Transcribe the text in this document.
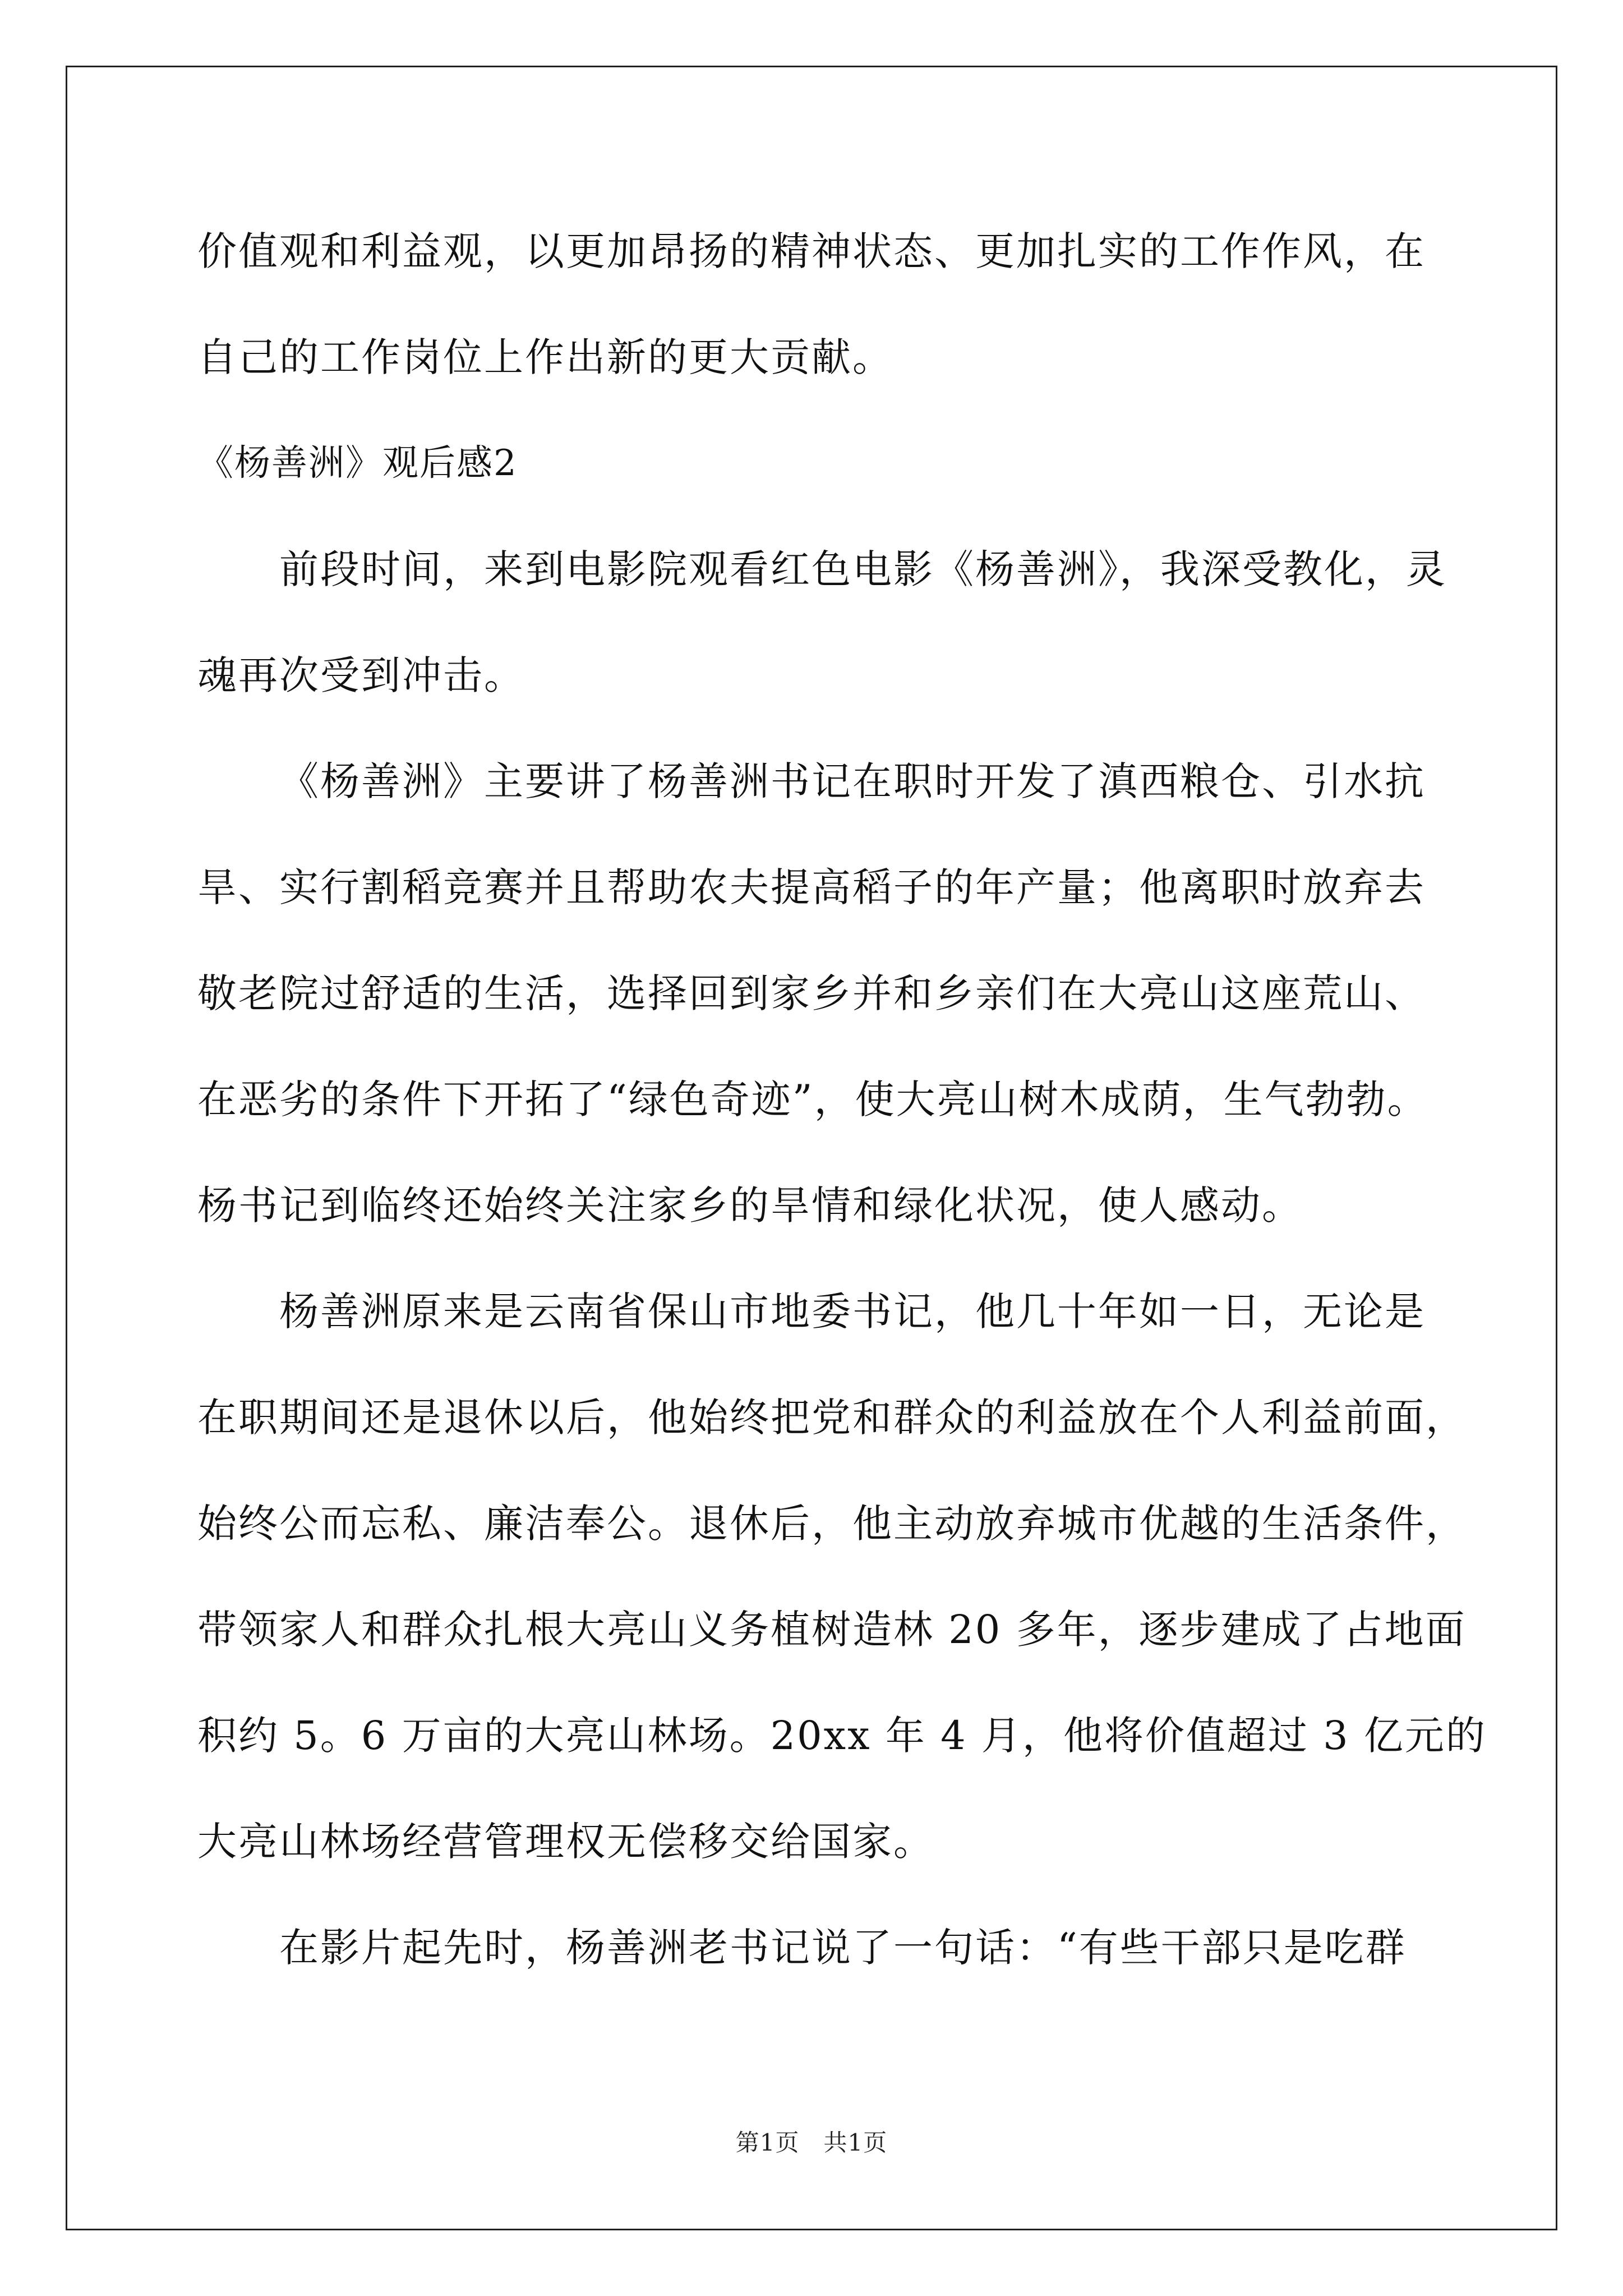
价值观和利益观，以更加昂扬的精神状态、更加扎实的工作作风，在
自己的工作岗位上作出新的更大贡献。
《杨善洲》观后感2
前段时间，来到电影院观看红色电影《杨善洲》，我深受教化，灵
魂再次受到冲击。
《杨善洲》主要讲了杨善洲书记在职时开发了滇西粮仓、引水抗
旱、实行割稻竞赛并且帮助农夫提高稻子的年产量；他离职时放弃去
敬老院过舒适的生活，选择回到家乡并和乡亲们在大亮山这座荒山、
在恶劣的条件下开拓了“绿色奇迹”，使大亮山树木成荫，生气勃勃。
杨书记到临终还始终关注家乡的旱情和绿化状况，使人感动。
杨善洲原来是云南省保山市地委书记，他几十年如一日，无论是
在职期间还是退休以后，他始终把党和群众的利益放在个人利益前面，
始终公而忘私、廉洁奉公。退休后，他主动放弃城市优越的生活条件，
带领家人和群众扎根大亮山义务植树造林 20 多年，逐步建成了占地面
积约 5。6 万亩的大亮山林场。20xx 年 4 月，他将价值超过 3 亿元的
大亮山林场经营管理权无偿移交给国家。
在影片起先时，杨善洲老书记说了一句话：“有些干部只是吃群
第1页　共1页
